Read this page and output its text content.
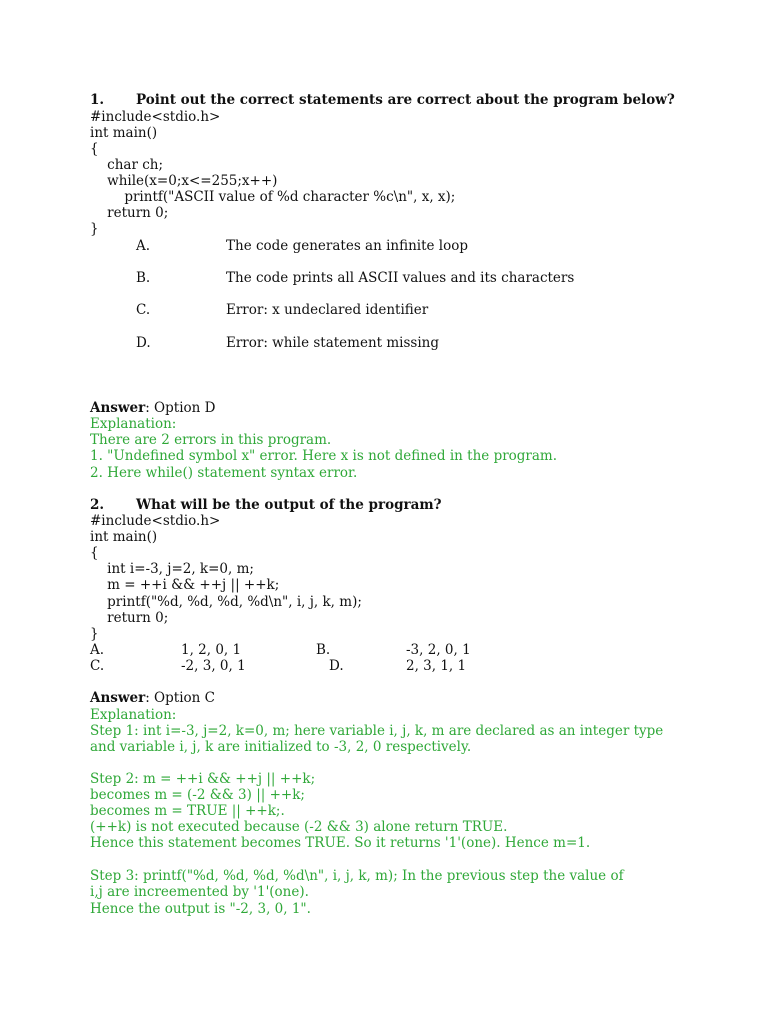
1. Point out the correct statements are correct about the program below?
#include<stdio.h>
int main()
{
char ch;
while(x=0;x<=255;x++)
printf("ASCII value of %d character %c\n", x, x);
return 0;
}
A.	The code generates an infinite loop
B.	The code prints all ASCII values and its characters
C.	Error: x undeclared identifier
D.	Error: while statement missing
Answer: Option D
Explanation:
There are 2 errors in this program.
1. "Undefined symbol x" error. Here x is not defined in the program.
2. Here while() statement syntax error.
2. What will be the output of the program?
#include<stdio.h>
int main()
{
int i=-3, j=2, k=0, m;
m = ++i && ++j || ++k;
printf("%d, %d, %d, %d\n", i, j, k, m);
return 0;
}
A.	1, 2, 0, 1	B.	-3, 2, 0, 1
C.	-2, 3, 0, 1	D.	2, 3, 1, 1
Answer: Option C
Explanation:
Step 1: int i=-3, j=2, k=0, m; here variable i, j, k, m are declared as an integer type and variable i, j, k are initialized to -3, 2, 0 respectively.
Step 2: m = ++i && ++j || ++k;
becomes m = (-2 && 3) || ++k;
becomes m = TRUE || ++k;.
(++k) is not executed because (-2 && 3) alone return TRUE.
Hence this statement becomes TRUE. So it returns '1'(one). Hence m=1.
Step 3: printf("%d, %d, %d, %d\n", i, j, k, m); In the previous step the value of i,j are increemented by '1'(one).
Hence the output is "-2, 3, 0, 1".
